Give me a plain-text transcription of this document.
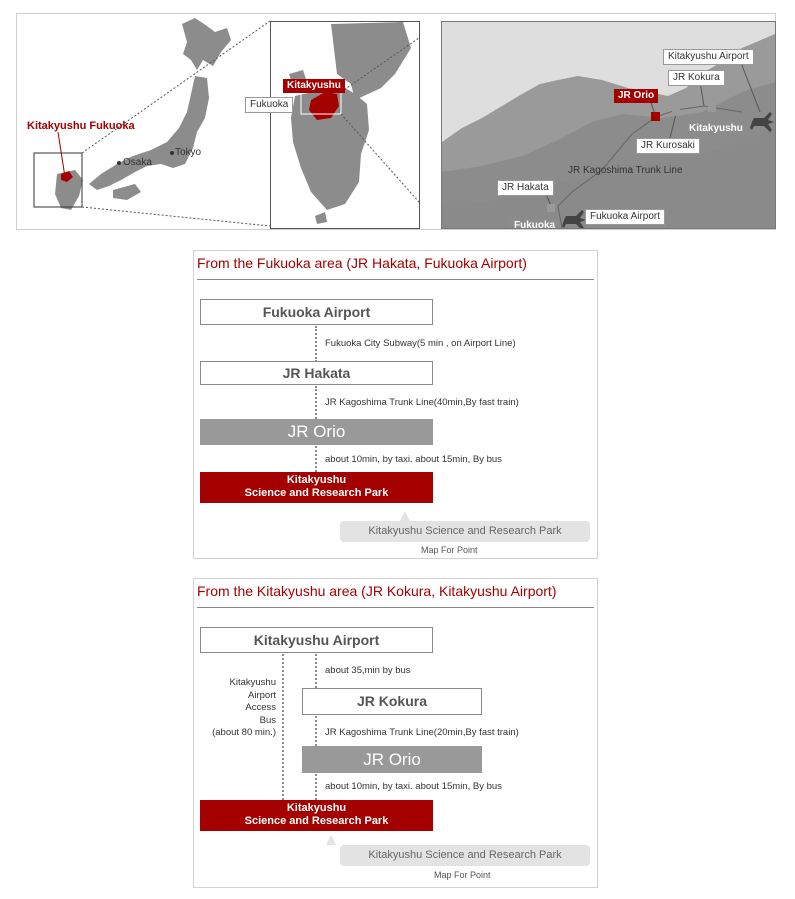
Asia,Japan
Kitakyushu Fukuoka
Osaka
Tokyo
Kitakyushu
Fukuoka
Kitakyushu Airport
JR Kokura
JR Orio
Kitakyushu
JR Kurosaki
JR Kagoshima Trunk Line
JR Hakata
Fukuoka
Fukuoka Airport
From the Fukuoka area (JR Hakata, Fukuoka Airport)
Fukuoka Airport
Fukuoka City Subway(5 min , on Airport Line)
JR Hakata
JR Kagoshima Trunk Line(40min,By fast train)
JR Orio
about 10min, by taxi. about 15min, By bus
Kitakyushu
Science and Research Park
Kitakyushu Science and Research Park
Map For Point
From the Kitakyushu area (JR Kokura, Kitakyushu Airport)
Kitakyushu Airport
Kitakyushu
Airport
Access
Bus
(about 80 min.)
about 35,min by bus
JR Kokura
JR Kagoshima Trunk Line(20min,By fast train)
JR Orio
about 10min, by taxi. about 15min, By bus
Kitakyushu
Science and Research Park
Kitakyushu Science and Research Park
Map For Point
